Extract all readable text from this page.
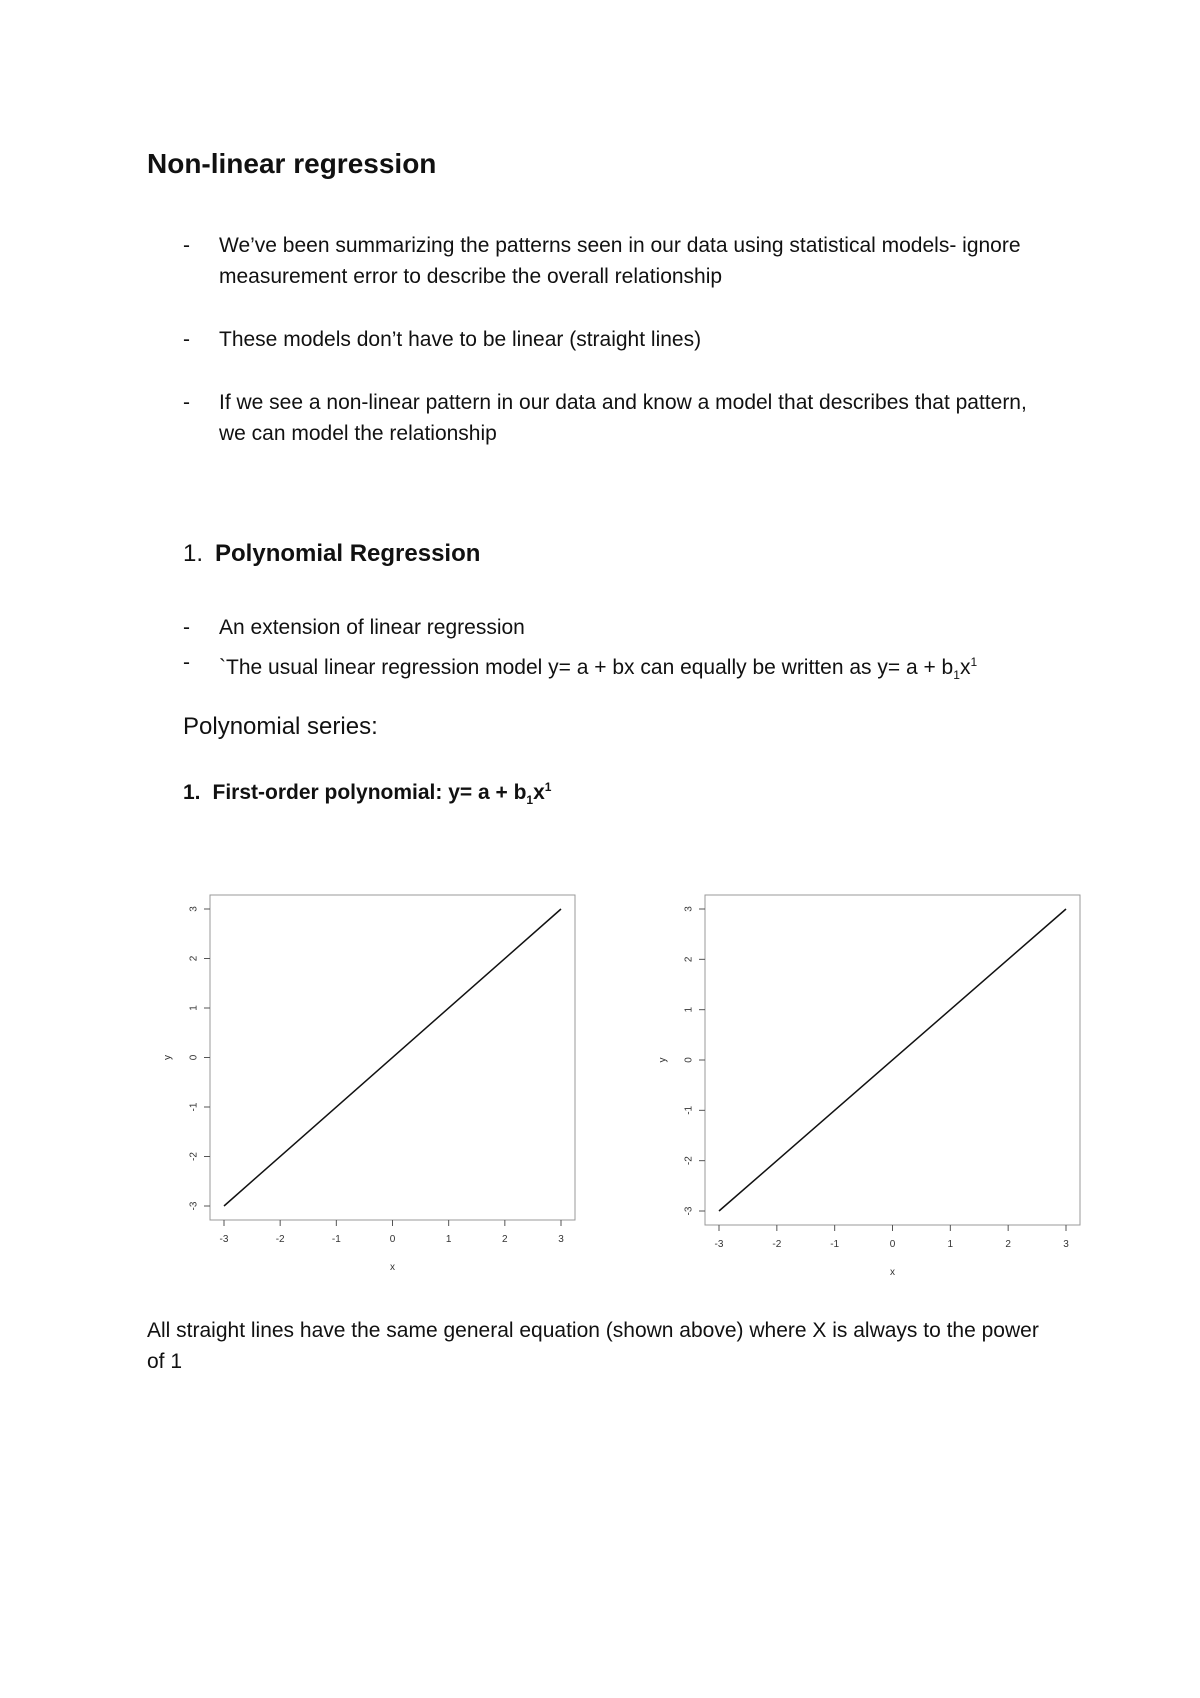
Non-linear regression
- We’ve been summarizing the patterns seen in our data using statistical models- ignore measurement error to describe the overall relationship
- These models don’t have to be linear (straight lines)
- If we see a non-linear pattern in our data and know a model that describes that pattern, we can model the relationship
1. Polynomial Regression
- An extension of linear regression
- `The usual linear regression model y= a + bx can equally be written as $y= a + b_1x^1$
Polynomial series:

1. First-order polynomial: $y= a + b_1x^1$

-3	-2	-1	0	1	2	3
-3
-2
-1
0
1
2
3
x
y
-3	-2	-1	0	1	2	3
-3
-2
-1
0
1
2
3
x
y

All straight lines have the same general equation (shown above) where X is always to the power of 1
